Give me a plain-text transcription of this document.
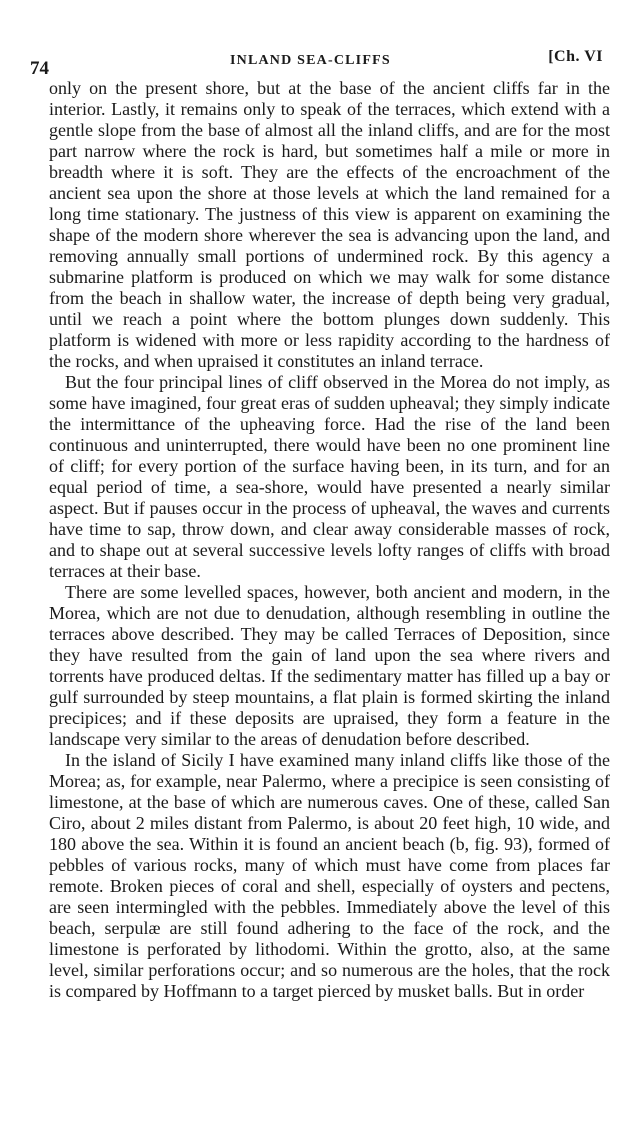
74	INLAND SEA-CLIFFS	[Ch. VI

only on the present shore, but at the base of the ancient cliffs far in the interior. Lastly, it remains only to speak of the terraces, which extend with a gentle slope from the base of almost all the inland cliffs, and are for the most part narrow where the rock is hard, but sometimes half a mile or more in breadth where it is soft. They are the effects of the encroachment of the ancient sea upon the shore at those levels at which the land remained for a long time stationary. The justness of this view is apparent on examining the shape of the modern shore wherever the sea is advancing upon the land, and removing annually small portions of undermined rock. By this agency a submarine platform is produced on which we may walk for some distance from the beach in shallow water, the increase of depth being very gradual, until we reach a point where the bottom plunges down suddenly. This platform is widened with more or less rapidity according to the hardness of the rocks, and when upraised it constitutes an inland terrace.

But the four principal lines of cliff observed in the Morea do not imply, as some have imagined, four great eras of sudden upheaval; they simply indicate the intermittance of the upheaving force. Had the rise of the land been continuous and uninterrupted, there would have been no one prominent line of cliff; for every portion of the surface having been, in its turn, and for an equal period of time, a sea-shore, would have presented a nearly similar aspect. But if pauses occur in the process of upheaval, the waves and currents have time to sap, throw down, and clear away considerable masses of rock, and to shape out at several successive levels lofty ranges of cliffs with broad terraces at their base.

There are some levelled spaces, however, both ancient and modern, in the Morea, which are not due to denudation, although resembling in outline the terraces above described. They may be called Terraces of Deposition, since they have resulted from the gain of land upon the sea where rivers and torrents have produced deltas. If the sedimentary matter has filled up a bay or gulf surrounded by steep mountains, a flat plain is formed skirting the inland precipices; and if these deposits are upraised, they form a feature in the landscape very similar to the areas of denudation before described.

In the island of Sicily I have examined many inland cliffs like those of the Morea; as, for example, near Palermo, where a precipice is seen consisting of limestone, at the base of which are numerous caves. One of these, called San Ciro, about 2 miles distant from Palermo, is about 20 feet high, 10 wide, and 180 above the sea. Within it is found an ancient beach (b, fig. 93), formed of pebbles of various rocks, many of which must have come from places far remote. Broken pieces of coral and shell, especially of oysters and pectens, are seen intermingled with the pebbles. Immediately above the level of this beach, serpulæ are still found adhering to the face of the rock, and the limestone is perforated by lithodomi. Within the grotto, also, at the same level, similar perforations occur; and so numerous are the holes, that the rock is compared by Hoffmann to a target pierced by musket balls. But in order
